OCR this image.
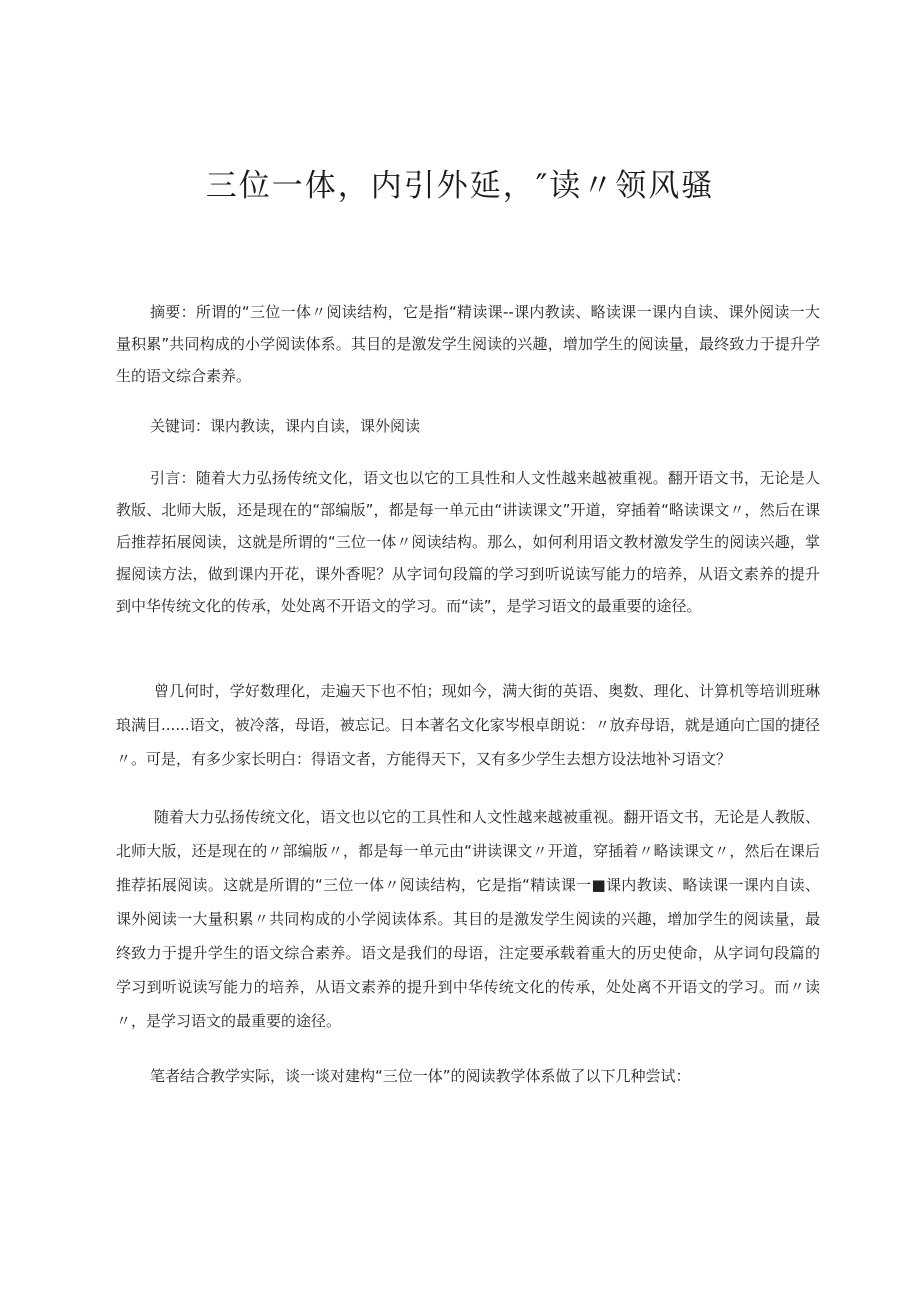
三位一体，内引外延，″读〃领风骚

摘要：所谓的“三位一体〃阅读结构，它是指“精读课--课内教读、略读课一课内自读、课外阅读一大量积累”共同构成的小学阅读体系。其目的是激发学生阅读的兴趣，增加学生的阅读量，最终致力于提升学生的语文综合素养。

关键词：课内教读，课内自读，课外阅读

引言：随着大力弘扬传统文化，语文也以它的工具性和人文性越来越被重视。翻开语文书，无论是人教版、北师大版，还是现在的“部编版”，都是每一单元由“讲读课文”开道，穿插着“略读课文〃，然后在课后推荐拓展阅读，这就是所谓的“三位一体〃阅读结构。那么，如何利用语文教材激发学生的阅读兴趣，掌握阅读方法，做到课内开花，课外香呢？从字词句段篇的学习到听说读写能力的培养，从语文素养的提升到中华传统文化的传承，处处离不开语文的学习。而“读”，是学习语文的最重要的途径。

曾几何时，学好数理化，走遍天下也不怕；现如今，满大街的英语、奥数、理化、计算机等培训班琳琅满目......语文，被冷落，母语，被忘记。日本著名文化家岑根卓朗说：〃放弃母语，就是通向亡国的捷径〃。可是，有多少家长明白：得语文者，方能得天下，又有多少学生去想方设法地补习语文？

随着大力弘扬传统文化，语文也以它的工具性和人文性越来越被重视。翻开语文书，无论是人教版、北师大版，还是现在的〃部编版〃，都是每一单元由“讲读课文〃开道，穿插着〃略读课文〃，然后在课后推荐拓展阅读。这就是所谓的“三位一体〃阅读结构，它是指“精读课一■课内教读、略读课一课内自读、课外阅读一大量积累〃共同构成的小学阅读体系。其目的是激发学生阅读的兴趣，增加学生的阅读量，最终致力于提升学生的语文综合素养。语文是我们的母语，注定要承载着重大的历史使命，从字词句段篇的学习到听说读写能力的培养，从语文素养的提升到中华传统文化的传承，处处离不开语文的学习。而〃读〃，是学习语文的最重要的途径。

笔者结合教学实际，谈一谈对建构“三位一体”的阅读教学体系做了以下几种尝试：
